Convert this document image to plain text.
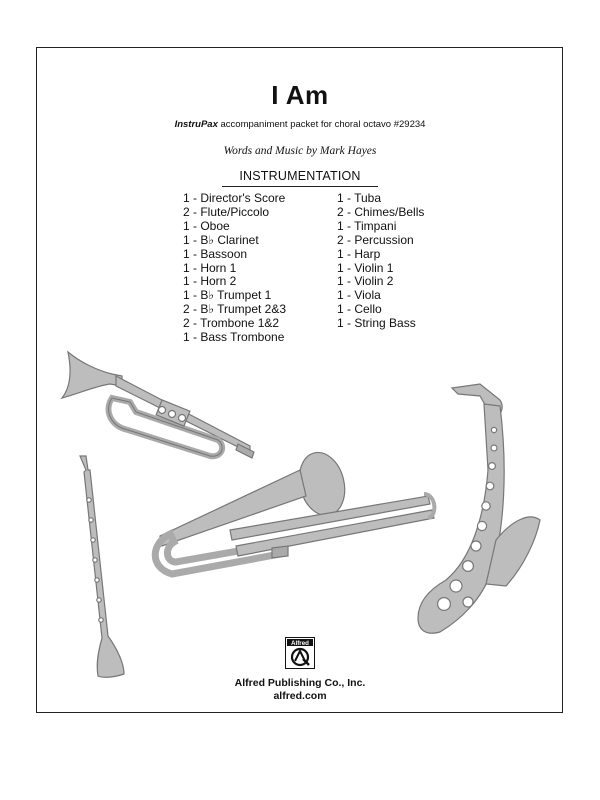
I Am
InstruPax accompaniment packet for choral octavo #29234
Words and Music by Mark Hayes
INSTRUMENTATION
1 - Director's Score
2 - Flute/Piccolo
1 - Oboe
1 - B♭ Clarinet
1 - Bassoon
1 - Horn 1
1 - Horn 2
1 - B♭ Trumpet 1
2 - B♭ Trumpet 2&3
2 - Trombone 1&2
1 - Bass Trombone
1 - Tuba
2 - Chimes/Bells
1 - Timpani
2 - Percussion
1 - Harp
1 - Violin 1
1 - Violin 2
1 - Viola
1 - Cello
1 - String Bass
Alfred
Alfred Publishing Co., Inc.
alfred.com
